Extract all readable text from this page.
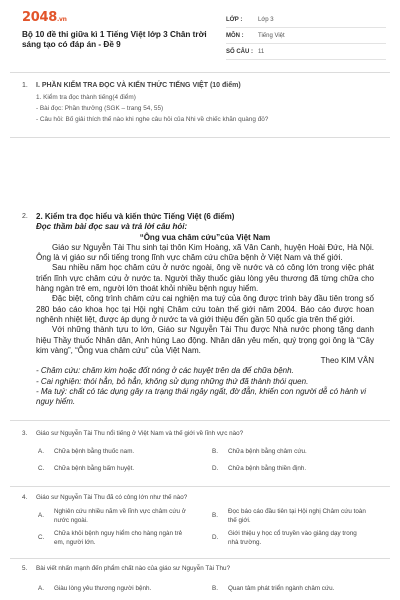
2048.vn
Bộ 10 đề thi giữa kì 1 Tiếng Việt lớp 3 Chân trời sáng tạo có đáp án - Đề 9
LỚP :	Lớp 3
MÔN :	Tiếng Việt
SỐ CÂU : 11
1. I. PHẦN KIỂM TRA ĐỌC VÀ KIẾN THỨC TIẾNG VIỆT (10 điểm)
1. Kiểm tra đọc thành tiếng(4 điểm)
- Bài đọc: Phần thưởng (SGK – trang 54, 55)
- Câu hỏi: Bố giải thích thế nào khi nghe câu hỏi của Nhi về chiếc khăn quàng đỏ?
2. 2. Kiểm tra đọc hiểu và kiến thức Tiếng Việt (6 điểm)
Đọc thầm bài đọc sau và trả lời câu hỏi:
“Ông vua châm cứu”của Việt Nam

Giáo sư Nguyễn Tài Thu sinh tại thôn Kim Hoàng, xã Vân Canh, huyện Hoài Đức, Hà Nội. Ông là vị giáo sư nổi tiếng trong lĩnh vực chăm cứu chữa bệnh ở Việt Nam và thế giới.

Sau nhiều năm học châm cứu ở nước ngoài, ông về nước và có công lớn trong việc phát triển lĩnh vực châm cứu ở nước ta. Người thầy thuốc giàu lòng yêu thương đã từng chữa cho hàng ngàn trẻ em, người lớn thoát khỏi nhiều bệnh nguy hiểm.

Đặc biệt, công trình châm cứu cai nghiện ma tuý của ông được trình bày đầu tiên trong số 280 báo cáo khoa học tại Hội nghị Châm cứu toàn thế giới năm 2004. Báo cáo được hoan nghênh nhiệt liệt, được áp dụng ở nước ta và giới thiệu đến gần 50 quốc gia trên thế giới.

Với những thành tựu to lớn, Giáo sư Nguyễn Tài Thu được Nhà nước phong tặng danh hiệu Thầy thuốc Nhân dân, Anh hùng Lao động. Nhân dân yêu mến, quý trọng gọi ông là “Cây kim vàng”, “Ông vua châm cứu” của Việt Nam.

Theo KIM VÂN
- Châm cứu: châm kim hoặc đốt nóng ở các huyệt trên da để chữa bệnh.
- Cai nghiện: thói hẳn, bỏ hẳn, không sử dụng những thứ đã thành thói quen.
- Ma tuý: chất có tác dụng gây ra trạng thái ngây ngất, đờ đẫn, khiến con người dễ có hành vi nguy hiểm.
3. Giáo sư Nguyễn Tài Thu nổi tiếng ở Việt Nam và thế giới về lĩnh vực nào?
A. Chữa bệnh bằng thuốc nam.	B. Chữa bệnh bằng châm cứu.
C. Chữa bệnh bằng bấm huyệt.	D. Chữa bệnh bằng thiền định.
4. Giáo sư Nguyễn Tài Thu đã có công lớn như thế nào?
A.
Nghiên cứu nhiều năm về lĩnh vực châm cứu ở nước ngoài.
B.
Đọc báo cáo đầu tiên tại Hội nghị Châm cứu toàn thế giới.
C.
Chữa khỏi bệnh nguy hiểm cho hàng ngàn trẻ em, người lớn.
D.
Giới thiệu y học cổ truyền vào giảng dạy trong nhà trường.
5. Bài viết nhấn mạnh đến phẩm chất nào của giáo sư Nguyễn Tài Thu?
A. Giàu lòng yêu thương người bệnh.	B. Quan tâm phát triển ngành châm cứu.
